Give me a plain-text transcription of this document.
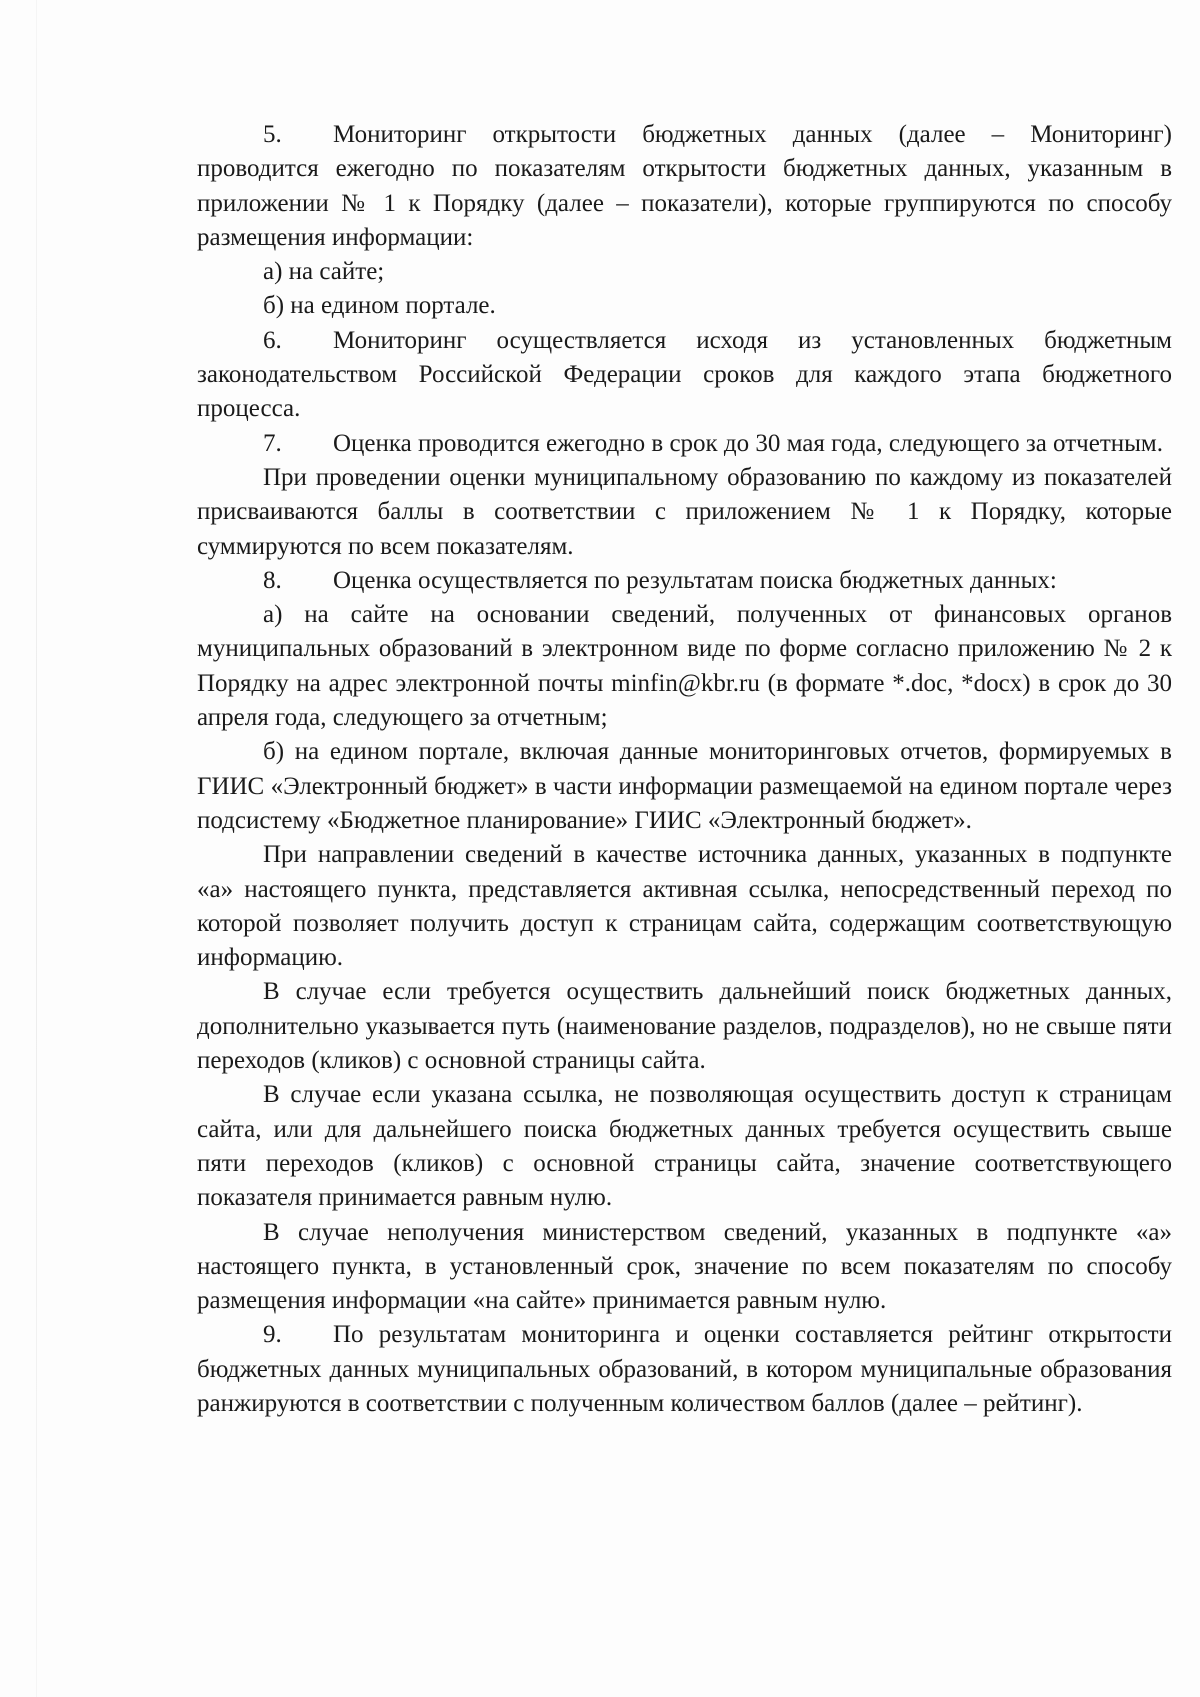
5. Мониторинг открытости бюджетных данных (далее – Мониторинг) проводится ежегодно по показателям открытости бюджетных данных, указанным в приложении № 1 к Порядку (далее – показатели), которые группируются по способу размещения информации:

а) на сайте;

б) на едином портале.

6. Мониторинг осуществляется исходя из установленных бюджетным законодательством Российской Федерации сроков для каждого этапа бюджетного процесса.

7. Оценка проводится ежегодно в срок до 30 мая года, следующего за отчетным.

При проведении оценки муниципальному образованию по каждому из показателей присваиваются баллы в соответствии с приложением № 1 к Порядку, которые суммируются по всем показателям.

8. Оценка осуществляется по результатам поиска бюджетных данных:

а) на сайте на основании сведений, полученных от финансовых органов муниципальных образований в электронном виде по форме согласно приложению № 2 к Порядку на адрес электронной почты minfin@kbr.ru (в формате *.doc, *docx) в срок до 30 апреля года, следующего за отчетным;

б) на едином портале, включая данные мониторинговых отчетов, формируемых в ГИИС «Электронный бюджет» в части информации размещаемой на едином портале через подсистему «Бюджетное планирование» ГИИС «Электронный бюджет».

При направлении сведений в качестве источника данных, указанных в подпункте «а» настоящего пункта, представляется активная ссылка, непосредственный переход по которой позволяет получить доступ к страницам сайта, содержащим соответствующую информацию.

В случае если требуется осуществить дальнейший поиск бюджетных данных, дополнительно указывается путь (наименование разделов, подразделов), но не свыше пяти переходов (кликов) с основной страницы сайта.

В случае если указана ссылка, не позволяющая осуществить доступ к страницам сайта, или для дальнейшего поиска бюджетных данных требуется осуществить свыше пяти переходов (кликов) с основной страницы сайта, значение соответствующего показателя принимается равным нулю.

В случае неполучения министерством сведений, указанных в подпункте «а» настоящего пункта, в установленный срок, значение по всем показателям по способу размещения информации «на сайте» принимается равным нулю.

9. По результатам мониторинга и оценки составляется рейтинг открытости бюджетных данных муниципальных образований, в котором муниципальные образования ранжируются в соответствии с полученным количеством баллов (далее – рейтинг).
